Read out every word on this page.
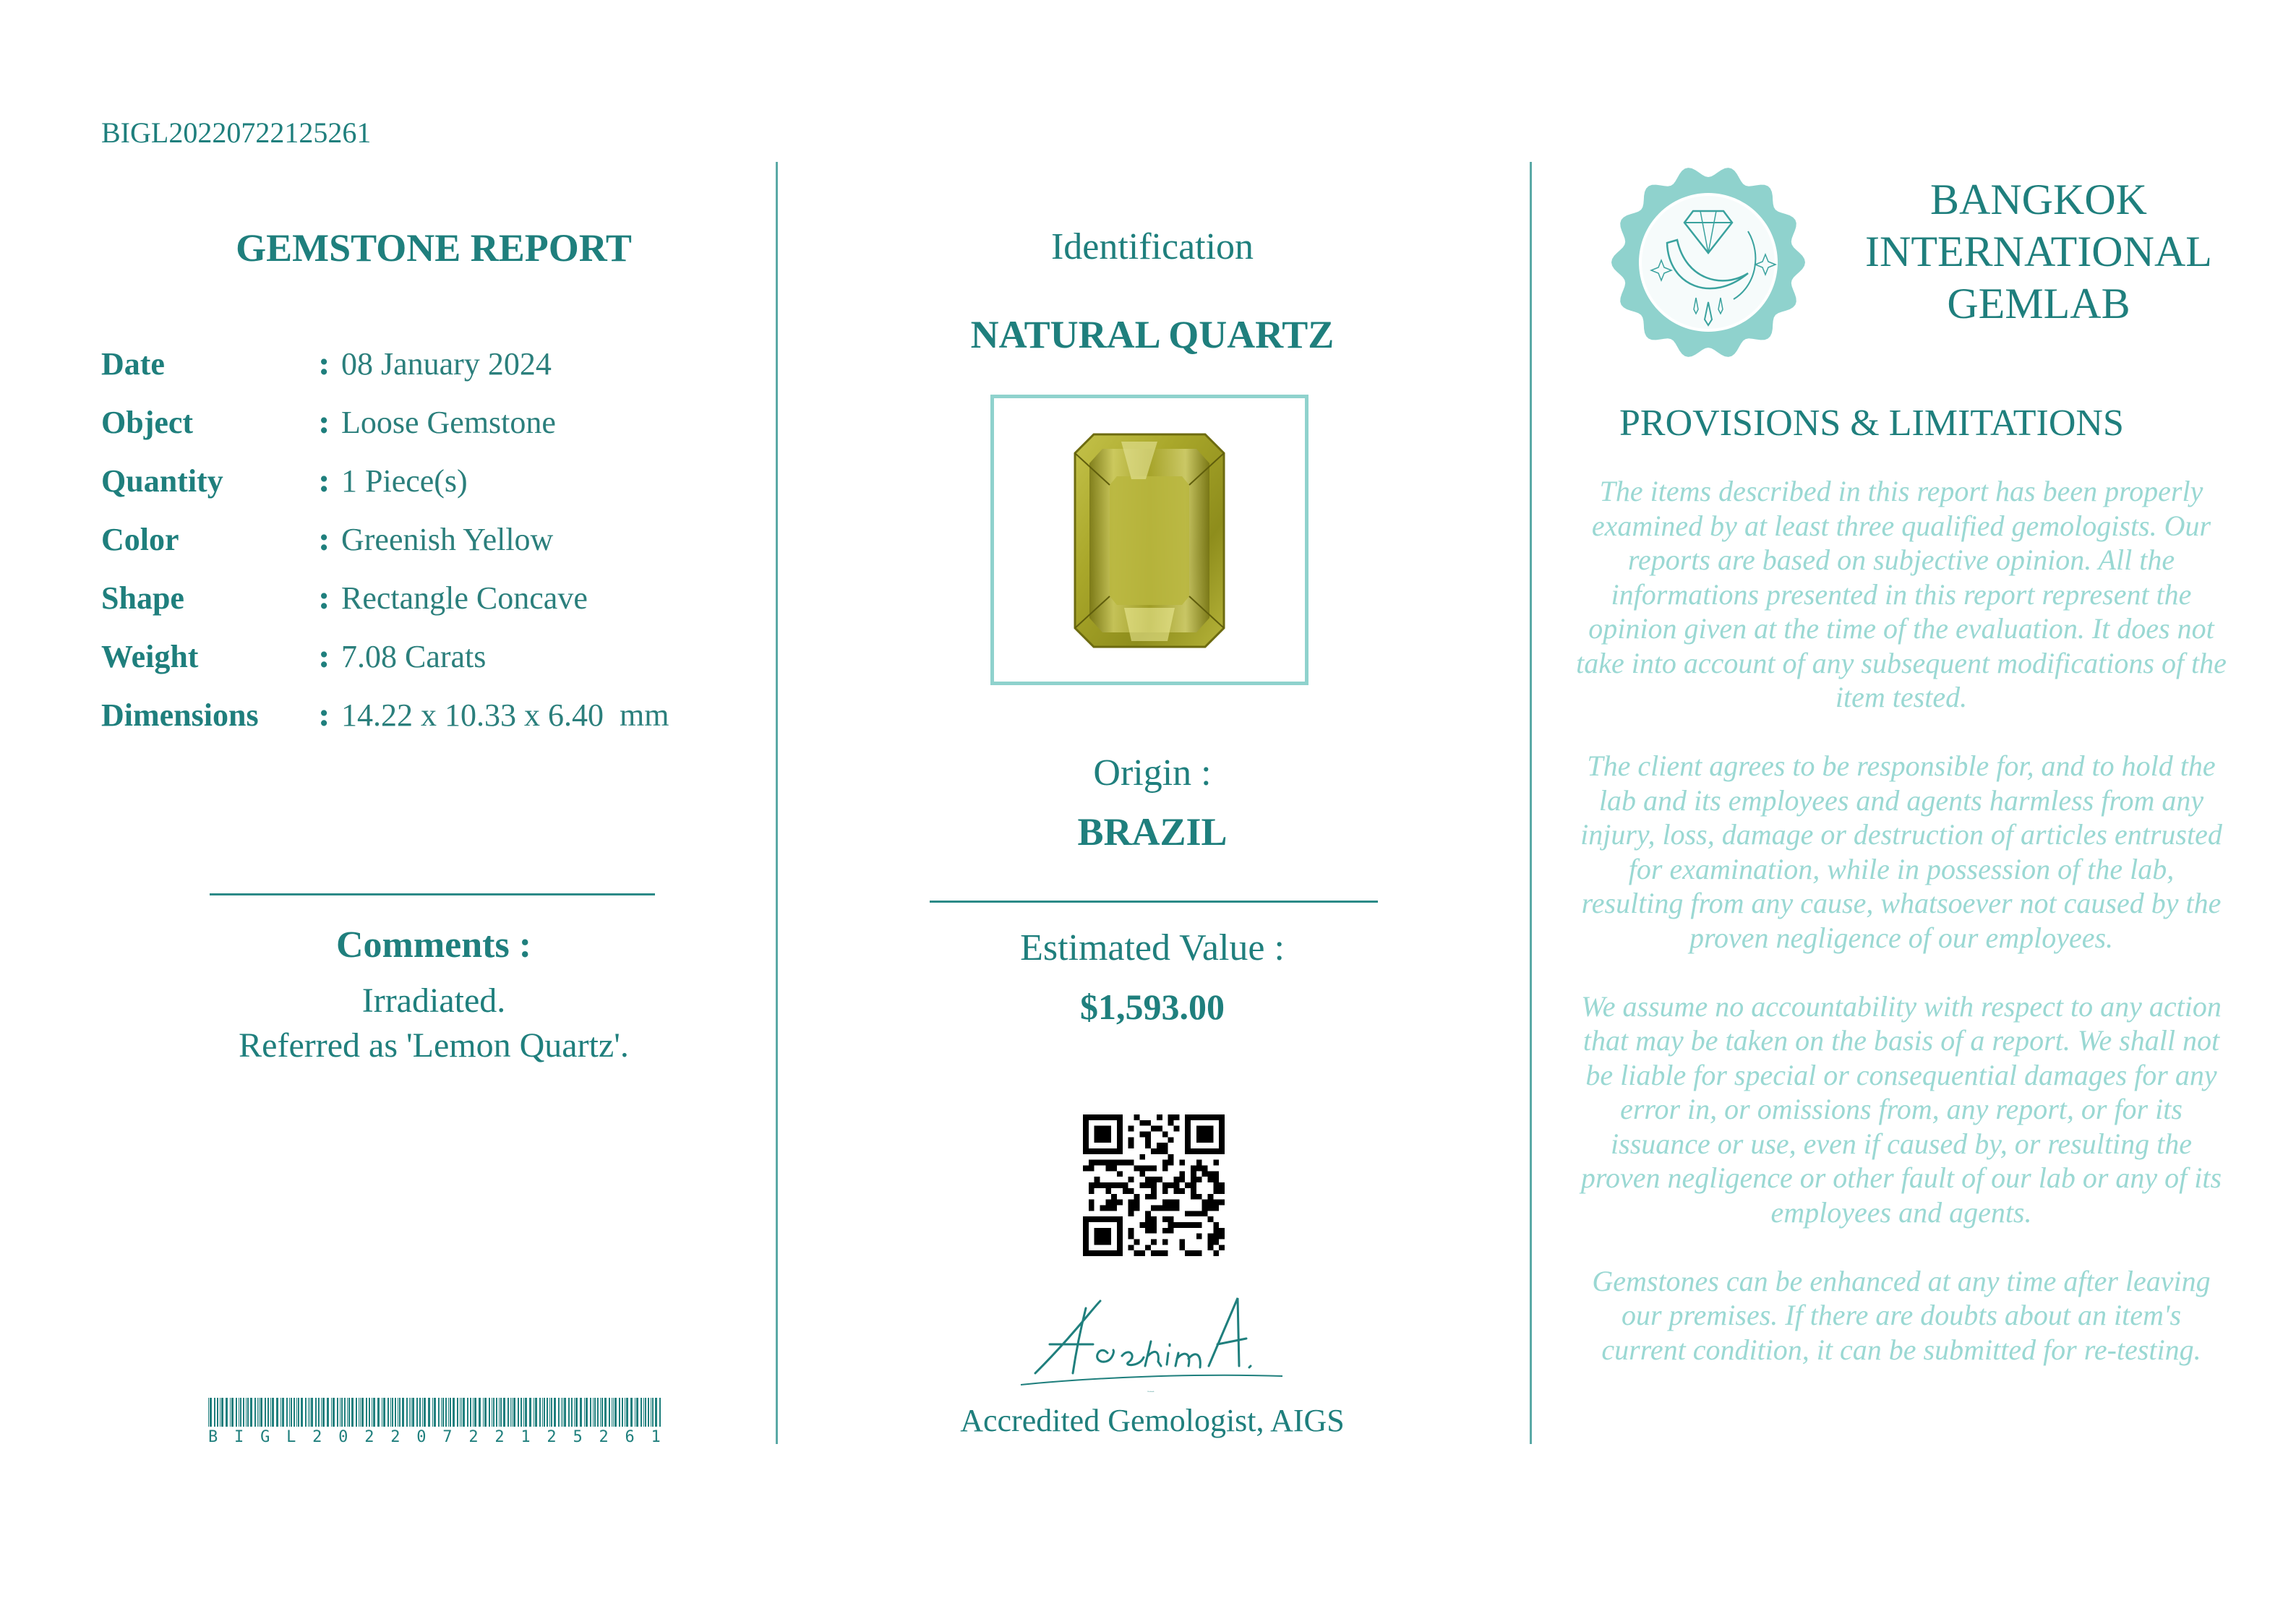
BIGL20220722125261
GEMSTONE REPORT
Date	: 08 January 2024
Object	: Loose Gemstone
Quantity	: 1 Piece(s)
Color	: Greenish Yellow
Shape	: Rectangle Concave
Weight	: 7.08 Carats
Dimensions	: 14.22 x 10.33 x 6.40  mm
Comments :
Irradiated.
Referred as 'Lemon Quartz'.
B I G L 2 0 2 2 0 7 2 2 1 2 5 2 6 1
Identification
NATURAL QUARTZ
Origin :
BRAZIL
Estimated Value :
$1,593.00
HashimA.
Accredited Gemologist, AIGS
BANGKOK
INTERNATIONAL
GEMLAB
PROVISIONS & LIMITATIONS

The items described in this report has been properly examined by at least three qualified gemologists. Our reports are based on subjective opinion. All the informations presented in this report represent the opinion given at the time of the evaluation. It does not take into account of any subsequent modifications of the item tested.

The client agrees to be responsible for, and to hold the lab and its employees and agents harmless from any injury, loss, damage or destruction of articles entrusted for examination, while in possession of the lab, resulting from any cause, whatsoever not caused by the proven negligence of our employees.

We assume no accountability with respect to any action that may be taken on the basis of a report. We shall not be liable for special or consequential damages for any error in, or omissions from, any report, or for its issuance or use, even if caused by, or resulting the proven negligence or other fault of our lab or any of its employees and agents.

Gemstones can be enhanced at any time after leaving our premises. If there are doubts about an item's current condition, it can be submitted for re-testing.
